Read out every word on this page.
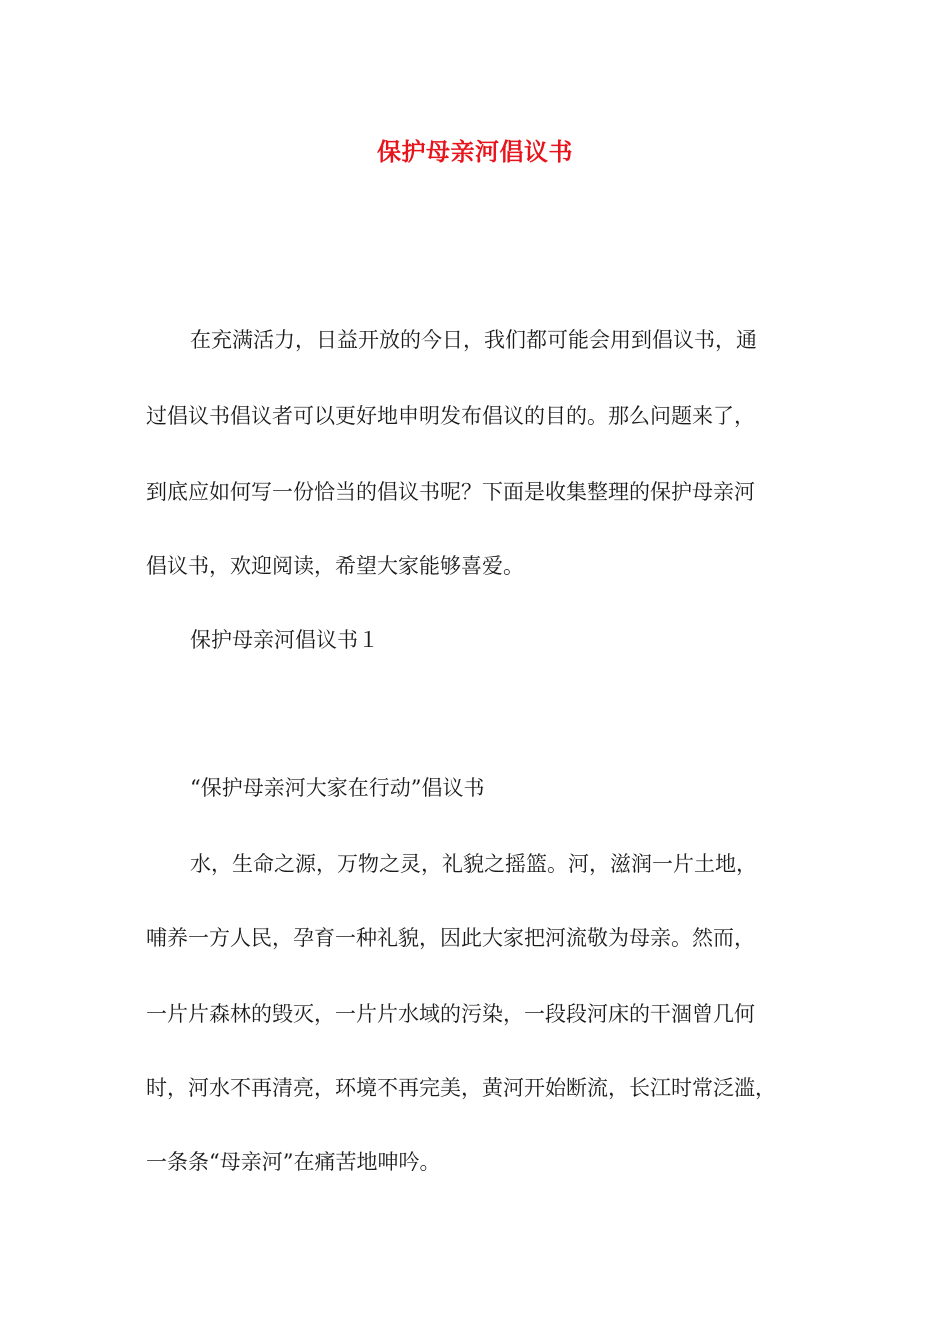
保护母亲河倡议书
在充满活力，日益开放的今日，我们都可能会用到倡议书，通
过倡议书倡议者可以更好地申明发布倡议的目的。那么问题来了，
到底应如何写一份恰当的倡议书呢？下面是收集整理的保护母亲河
倡议书，欢迎阅读，希望大家能够喜爱。
保护母亲河倡议书１
“保护母亲河大家在行动”倡议书
水，生命之源，万物之灵，礼貌之摇篮。河，滋润一片土地，
哺养一方人民，孕育一种礼貌，因此大家把河流敬为母亲。然而，
一片片森林的毁灭，一片片水域的污染，一段段河床的干涸曾几何
时，河水不再清亮，环境不再完美，黄河开始断流，长江时常泛滥，
一条条“母亲河”在痛苦地呻吟。
